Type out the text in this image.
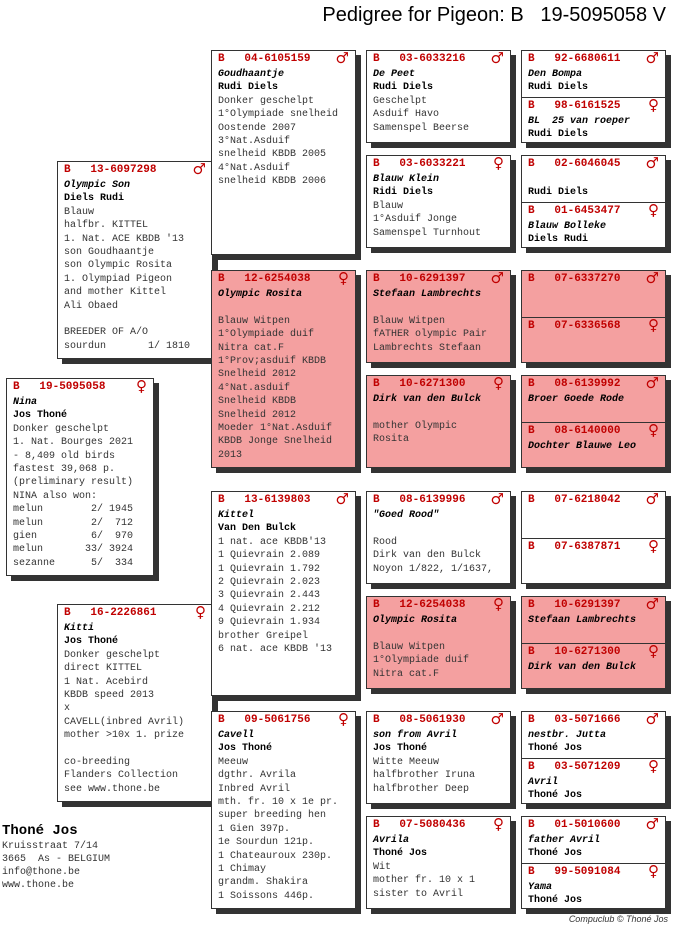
Pedigree for Pigeon: B   19-5095058 V
B   19-5095058 ♀
Nina
Jos Thoné
Donker geschelpt
1. Nat. Bourges 2021
- 8,409 old birds
fastest 39,068 p.
(preliminary result)
NINA also won:
melun        2/ 1945
melun        2/  712
gien         6/  970
melun       33/ 3924
sezanne      5/  334
B   13-6097298 ♂
Olympic Son
Diels Rudi
Blauw
halfbr. KITTEL
1. Nat. ACE KBDB '13
son Goudhaantje
son Olympic Rosita
1. Olympiad Pigeon
and mother Kittel
Ali Obaed
BREEDER OF A/O
sourdun       1/ 1810
B   16-2226861	♀
Kitti
Jos Thoné
Donker geschelpt
direct KITTEL
1 Nat. Acebird
KBDB speed 2013
x
CAVELL(inbred Avril)
mother >10x 1. prize
co-breeding
Flanders Collection
see www.thone.be
B   04-6105159 ♂
Goudhaantje
Rudi Diels
Donker geschelpt
1°Olympiade snelheid
Oostende 2007
3°Nat.Asduif
snelheid KBDB 2005
4°Nat.Asduif
snelheid KBDB 2006
B   12-6254038 ♀
Olympic Rosita
Blauw Witpen
1°Olympiade duif
Nitra cat.F
1°Prov;asduif KBDB
Snelheid 2012
4°Nat.asduif
Snelheid KBDB
Snelheid 2012
Moeder 1°Nat.Asduif
KBDB Jonge Snelheid
2013
B   13-6139803 ♂
Kittel
Van Den Bulck
1 nat. ace KBDB'13
1 Quievrain 2.089
1 Quievrain 1.792
2 Quievrain 2.023
3 Quievrain 2.443
4 Quievrain 2.212
9 Quievrain 1.934
brother Greipel
6 nat. ace KBDB '13
B   09-5061756 ♀
Cavell
Jos Thoné
Meeuw
dgthr. Avrila
Inbred Avril
mth. fr. 10 x 1e pr.
super breeding hen
1 Gien 397p.
1e Sourdun 121p.
1 Chateauroux 230p.
1 Chimay
grandm. Shakira
1 Soissons 446p.
B   03-6033216 ♂
De Peet
Rudi Diels
Geschelpt
Asduif Havo
Samenspel Beerse
B   03-6033221 ♀
Blauw Klein
Ridi Diels
Blauw
1°Asduif Jonge
Samenspel Turnhout
B   10-6291397 ♂
Stefaan Lambrechts
Blauw Witpen
fATHER olympic Pair
Lambrechts Stefaan
B   10-6271300 ♀
Dirk van den Bulck
mother Olympic
Rosita
B   08-6139996 ♂
"Goed Rood"
Rood
Dirk van den Bulck
Noyon 1/822, 1/1637,
B   12-6254038 ♀
Olympic Rosita
Blauw Witpen
1°Olympiade duif
Nitra cat.F
B   08-5061930 ♂
son from Avril
Jos Thoné
Witte Meeuw
halfbrother Iruna
halfbrother Deep
B   07-5080436 ♀
Avrila
Thoné Jos
Wit
mother fr. 10 x 1
sister to Avril
B   92-6680611 ♂
Den Bompa
Rudi Diels
B   98-6161525 ♀
BL  25 van roeper
Rudi Diels
B   02-6046045 ♂
Rudi Diels
B   01-6453477 ♀
Blauw Bolleke
Diels Rudi
B   07-6337270 ♂
B   07-6336568 ♀
B   08-6139992 ♂
Broer Goede Rode
B   08-6140000 ♀
Dochter Blauwe Leo
B   07-6218042 ♂
B   07-6387871 ♀
B   10-6291397 ♂
Stefaan Lambrechts
B   10-6271300 ♀
Dirk van den Bulck
B   03-5071666 ♂
nestbr. Jutta
Thoné Jos
B   03-5071209 ♀
Avril
Thoné Jos
B   01-5010600 ♂
father Avril
Thoné Jos
B   99-5091084 ♀
Yama
Thoné Jos
Thoné Jos
Kruisstraat 7/14
3665  As - BELGIUM
info@thone.be
www.thone.be
Compuclub © Thoné Jos
